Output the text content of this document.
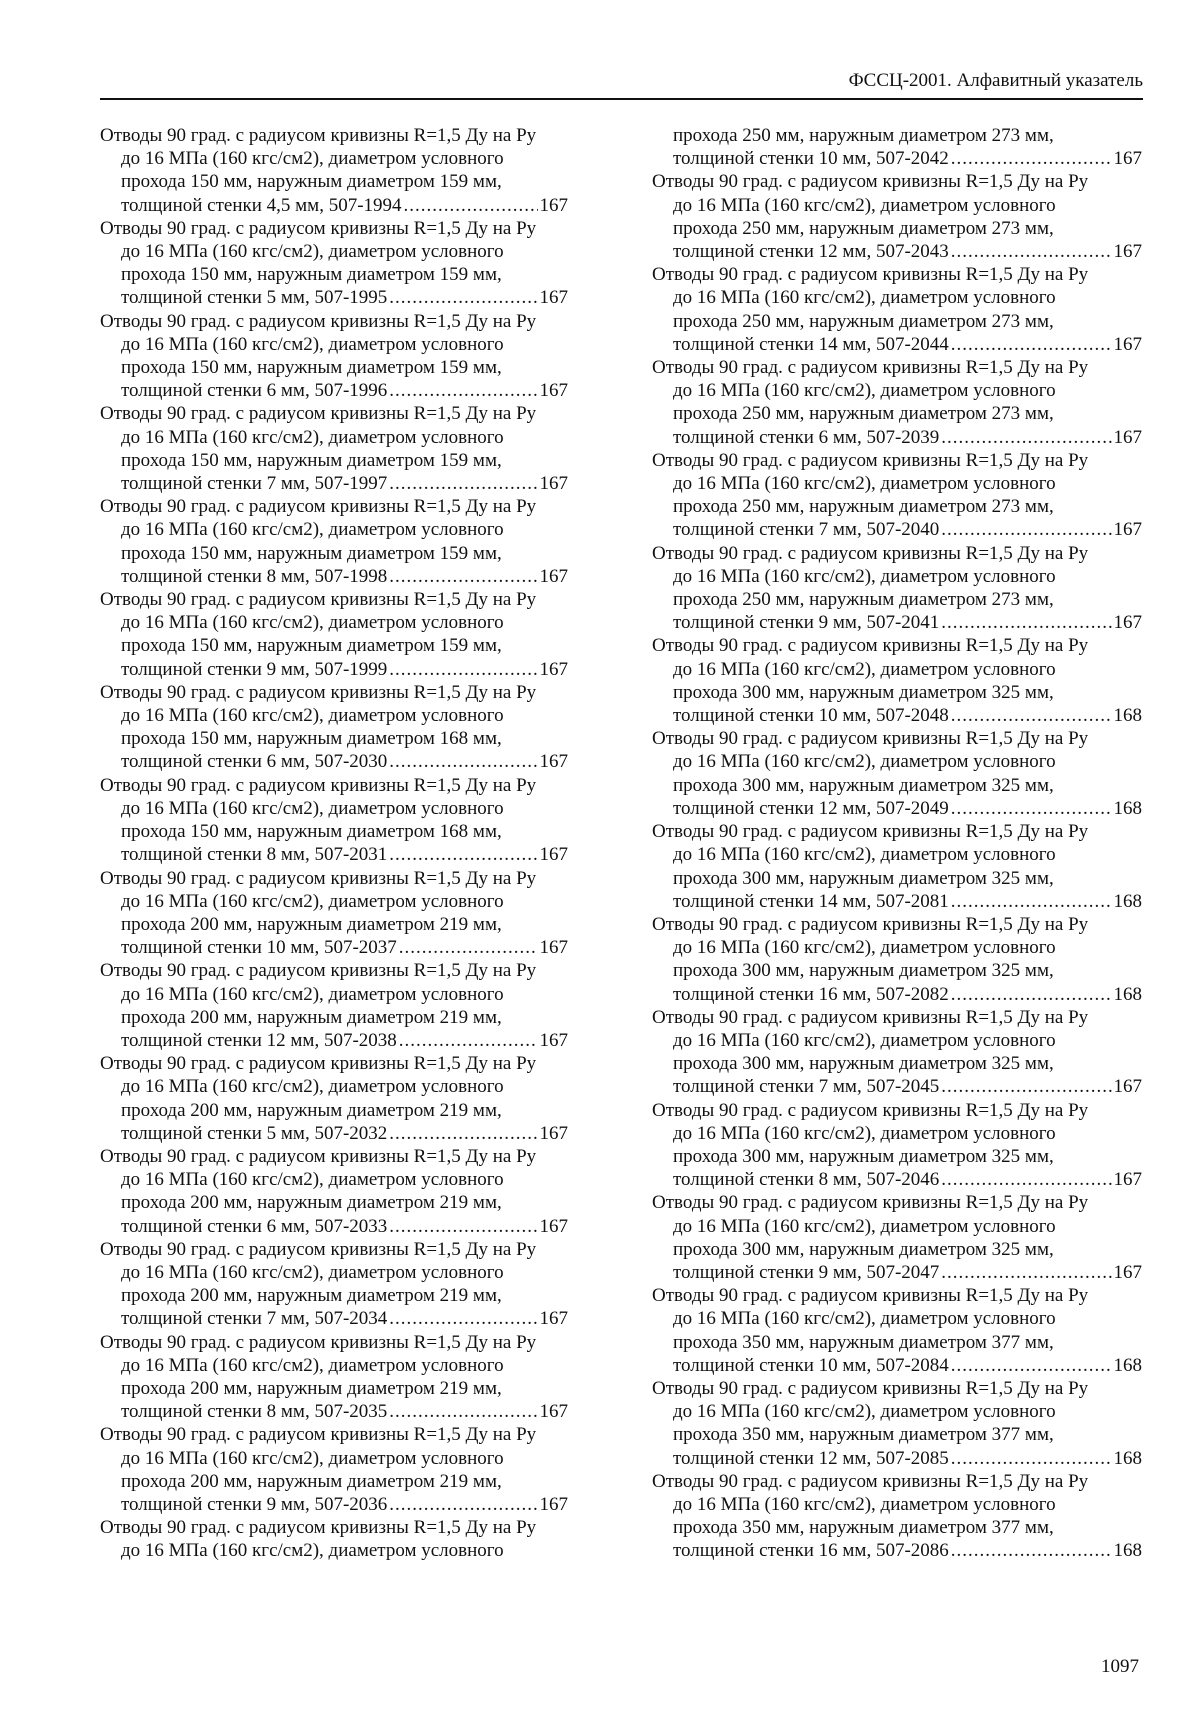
ФССЦ-2001. Алфавитный указатель
Отводы 90 град. с радиусом кривизны R=1,5 Ду на Ру
до 16 МПа (160 кгс/см2), диаметром условного
прохода 150 мм, наружным диаметром 159 мм,
толщиной стенки 4,5 мм, 507-1994 .....	167
Отводы 90 град. с радиусом кривизны R=1,5 Ду на Ру
до 16 МПа (160 кгс/см2), диаметром условного
прохода 150 мм, наружным диаметром 159 мм,
толщиной стенки 5 мм, 507-1995 .....	167
Отводы 90 град. с радиусом кривизны R=1,5 Ду на Ру
до 16 МПа (160 кгс/см2), диаметром условного
прохода 150 мм, наружным диаметром 159 мм,
толщиной стенки 6 мм, 507-1996 .....	167
Отводы 90 град. с радиусом кривизны R=1,5 Ду на Ру
до 16 МПа (160 кгс/см2), диаметром условного
прохода 150 мм, наружным диаметром 159 мм,
толщиной стенки 7 мм, 507-1997 .....	167
Отводы 90 град. с радиусом кривизны R=1,5 Ду на Ру
до 16 МПа (160 кгс/см2), диаметром условного
прохода 150 мм, наружным диаметром 159 мм,
толщиной стенки 8 мм, 507-1998 .....	167
Отводы 90 град. с радиусом кривизны R=1,5 Ду на Ру
до 16 МПа (160 кгс/см2), диаметром условного
прохода 150 мм, наружным диаметром 159 мм,
толщиной стенки 9 мм, 507-1999 .....	167
Отводы 90 град. с радиусом кривизны R=1,5 Ду на Ру
до 16 МПа (160 кгс/см2), диаметром условного
прохода 150 мм, наружным диаметром 168 мм,
толщиной стенки 6 мм, 507-2030 .....	167
Отводы 90 град. с радиусом кривизны R=1,5 Ду на Ру
до 16 МПа (160 кгс/см2), диаметром условного
прохода 150 мм, наружным диаметром 168 мм,
толщиной стенки 8 мм, 507-2031 .....	167
Отводы 90 град. с радиусом кривизны R=1,5 Ду на Ру
до 16 МПа (160 кгс/см2), диаметром условного
прохода 200 мм, наружным диаметром 219 мм,
толщиной стенки 10 мм, 507-2037 .....	167
Отводы 90 град. с радиусом кривизны R=1,5 Ду на Ру
до 16 МПа (160 кгс/см2), диаметром условного
прохода 200 мм, наружным диаметром 219 мм,
толщиной стенки 12 мм, 507-2038 .....	167
Отводы 90 град. с радиусом кривизны R=1,5 Ду на Ру
до 16 МПа (160 кгс/см2), диаметром условного
прохода 200 мм, наружным диаметром 219 мм,
толщиной стенки 5 мм, 507-2032 .....	167
Отводы 90 град. с радиусом кривизны R=1,5 Ду на Ру
до 16 МПа (160 кгс/см2), диаметром условного
прохода 200 мм, наружным диаметром 219 мм,
толщиной стенки 6 мм, 507-2033 .....	167
Отводы 90 град. с радиусом кривизны R=1,5 Ду на Ру
до 16 МПа (160 кгс/см2), диаметром условного
прохода 200 мм, наружным диаметром 219 мм,
толщиной стенки 7 мм, 507-2034 .....	167
Отводы 90 град. с радиусом кривизны R=1,5 Ду на Ру
до 16 МПа (160 кгс/см2), диаметром условного
прохода 200 мм, наружным диаметром 219 мм,
толщиной стенки 8 мм, 507-2035 .....	167
Отводы 90 град. с радиусом кривизны R=1,5 Ду на Ру
до 16 МПа (160 кгс/см2), диаметром условного
прохода 200 мм, наружным диаметром 219 мм,
толщиной стенки 9 мм, 507-2036 .....	167
Отводы 90 град. с радиусом кривизны R=1,5 Ду на Ру
до 16 МПа (160 кгс/см2), диаметром условного
прохода 250 мм, наружным диаметром 273 мм,
толщиной стенки 10 мм, 507-2042 .....	167
Отводы 90 град. с радиусом кривизны R=1,5 Ду на Ру
до 16 МПа (160 кгс/см2), диаметром условного
прохода 250 мм, наружным диаметром 273 мм,
толщиной стенки 12 мм, 507-2043 .....	167
Отводы 90 град. с радиусом кривизны R=1,5 Ду на Ру
до 16 МПа (160 кгс/см2), диаметром условного
прохода 250 мм, наружным диаметром 273 мм,
толщиной стенки 14 мм, 507-2044 .....	167
Отводы 90 град. с радиусом кривизны R=1,5 Ду на Ру
до 16 МПа (160 кгс/см2), диаметром условного
прохода 250 мм, наружным диаметром 273 мм,
толщиной стенки 6 мм, 507-2039 .....	167
Отводы 90 град. с радиусом кривизны R=1,5 Ду на Ру
до 16 МПа (160 кгс/см2), диаметром условного
прохода 250 мм, наружным диаметром 273 мм,
толщиной стенки 7 мм, 507-2040 .....	167
Отводы 90 град. с радиусом кривизны R=1,5 Ду на Ру
до 16 МПа (160 кгс/см2), диаметром условного
прохода 250 мм, наружным диаметром 273 мм,
толщиной стенки 9 мм, 507-2041 .....	167
Отводы 90 град. с радиусом кривизны R=1,5 Ду на Ру
до 16 МПа (160 кгс/см2), диаметром условного
прохода 300 мм, наружным диаметром 325 мм,
толщиной стенки 10 мм, 507-2048 .....	168
Отводы 90 град. с радиусом кривизны R=1,5 Ду на Ру
до 16 МПа (160 кгс/см2), диаметром условного
прохода 300 мм, наружным диаметром 325 мм,
толщиной стенки 12 мм, 507-2049 .....	168
Отводы 90 град. с радиусом кривизны R=1,5 Ду на Ру
до 16 МПа (160 кгс/см2), диаметром условного
прохода 300 мм, наружным диаметром 325 мм,
толщиной стенки 14 мм, 507-2081 .....	168
Отводы 90 град. с радиусом кривизны R=1,5 Ду на Ру
до 16 МПа (160 кгс/см2), диаметром условного
прохода 300 мм, наружным диаметром 325 мм,
толщиной стенки 16 мм, 507-2082 .....	168
Отводы 90 град. с радиусом кривизны R=1,5 Ду на Ру
до 16 МПа (160 кгс/см2), диаметром условного
прохода 300 мм, наружным диаметром 325 мм,
толщиной стенки 7 мм, 507-2045 .....	167
Отводы 90 град. с радиусом кривизны R=1,5 Ду на Ру
до 16 МПа (160 кгс/см2), диаметром условного
прохода 300 мм, наружным диаметром 325 мм,
толщиной стенки 8 мм, 507-2046 .....	167
Отводы 90 град. с радиусом кривизны R=1,5 Ду на Ру
до 16 МПа (160 кгс/см2), диаметром условного
прохода 300 мм, наружным диаметром 325 мм,
толщиной стенки 9 мм, 507-2047 .....	167
Отводы 90 град. с радиусом кривизны R=1,5 Ду на Ру
до 16 МПа (160 кгс/см2), диаметром условного
прохода 350 мм, наружным диаметром 377 мм,
толщиной стенки 10 мм, 507-2084 .....	168
Отводы 90 град. с радиусом кривизны R=1,5 Ду на Ру
до 16 МПа (160 кгс/см2), диаметром условного
прохода 350 мм, наружным диаметром 377 мм,
толщиной стенки 12 мм, 507-2085 .....	168
Отводы 90 град. с радиусом кривизны R=1,5 Ду на Ру
до 16 МПа (160 кгс/см2), диаметром условного
прохода 350 мм, наружным диаметром 377 мм,
толщиной стенки 16 мм, 507-2086 .....	168
1097
